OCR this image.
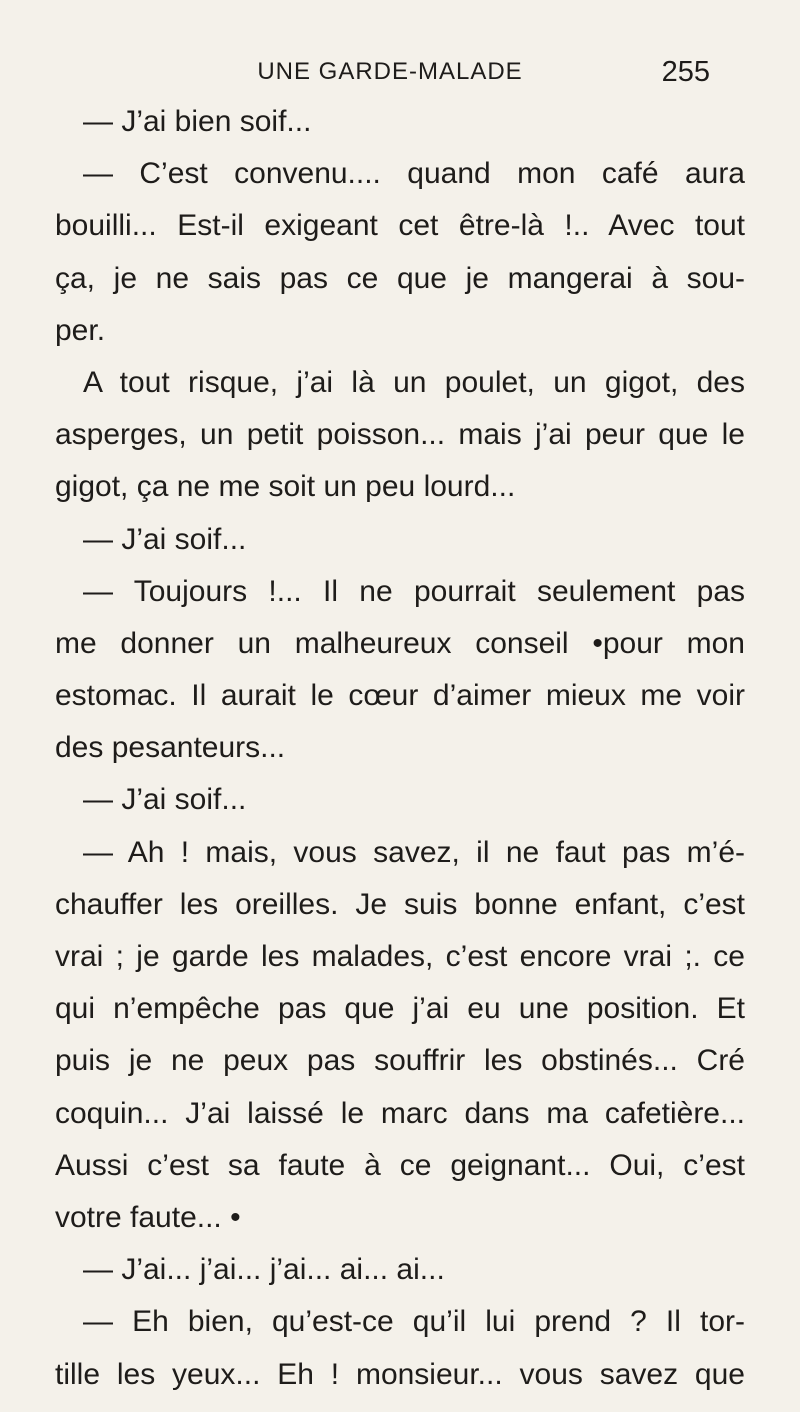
UNE GARDE-MALADE	255
— J’ai bien soif...
— C’est convenu.... quand mon café aura
bouilli... Est-il exigeant cet être-là !.. Avec tout
ça, je ne sais pas ce que je mangerai à sou-
per.
A tout risque, j’ai là un poulet, un gigot, des
asperges, un petit poisson... mais j’ai peur que le
gigot, ça ne me soit un peu lourd...
— J’ai soif...
— Toujours !... Il ne pourrait seulement pas
me donner un malheureux conseil •pour mon
estomac. Il aurait le cœur d’aimer mieux me voir
des pesanteurs...
— J’ai soif...
— Ah ! mais, vous savez, il ne faut pas m’é-
chauffer les oreilles. Je suis bonne enfant, c’est
vrai ; je garde les malades, c’est encore vrai ;. ce
qui n’empêche pas que j’ai eu une position. Et
puis je ne peux pas souffrir les obstinés... Cré
coquin... J’ai laissé le marc dans ma cafetière...
Aussi c’est sa faute à ce geignant... Oui, c’est
votre faute... •
— J’ai... j’ai... j’ai... ai... ai...
— Eh bien, qu’est-ce qu’il lui prend ? Il tor-
tille les yeux... Eh ! monsieur... vous savez que
